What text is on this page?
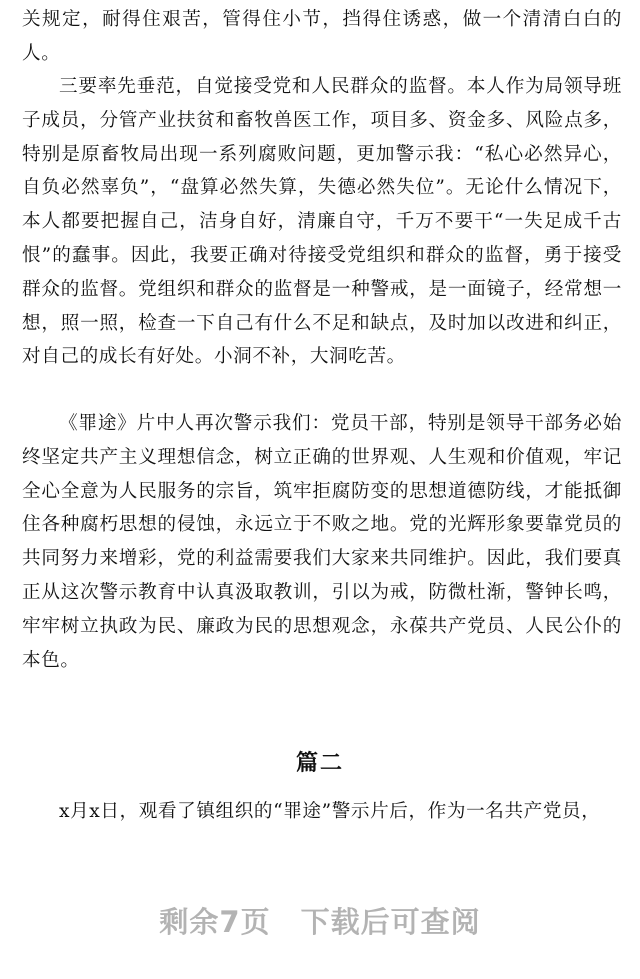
关规定，耐得住艰苦，管得住小节，挡得住诱惑，做一个清清白白的人。

三要率先垂范，自觉接受党和人民群众的监督。本人作为局领导班子成员，分管产业扶贫和畜牧兽医工作，项目多、资金多、风险点多，特别是原畜牧局出现一系列腐败问题，更加警示我：“私心必然异心，自负必然辜负”，“盘算必然失算，失德必然失位”。无论什么情况下，本人都要把握自己，洁身自好，清廉自守，千万不要干“一失足成千古恨”的蠢事。因此，我要正确对待接受党组织和群众的监督，勇于接受群众的监督。党组织和群众的监督是一种警戒，是一面镜子，经常想一想，照一照，检查一下自己有什么不足和缺点，及时加以改进和纠正，对自己的成长有好处。小洞不补，大洞吃苦。

《罪途》片中人再次警示我们：党员干部，特别是领导干部务必始终坚定共产主义理想信念，树立正确的世界观、人生观和价值观，牢记全心全意为人民服务的宗旨，筑牢拒腐防变的思想道德防线，才能抵御住各种腐朽思想的侵蚀，永远立于不败之地。党的光辉形象要靠党员的共同努力来增彩，党的利益需要我们大家来共同维护。因此，我们要真正从这次警示教育中认真汲取教训，引以为戒，防微杜渐，警钟长鸣，牢牢树立执政为民、廉政为民的思想观念，永葆共产党员、人民公仆的本色。

篇二

x月x日，观看了镇组织的“罪途”警示片后，作为一名共产党员，

剩余7页 下载后可查阅
